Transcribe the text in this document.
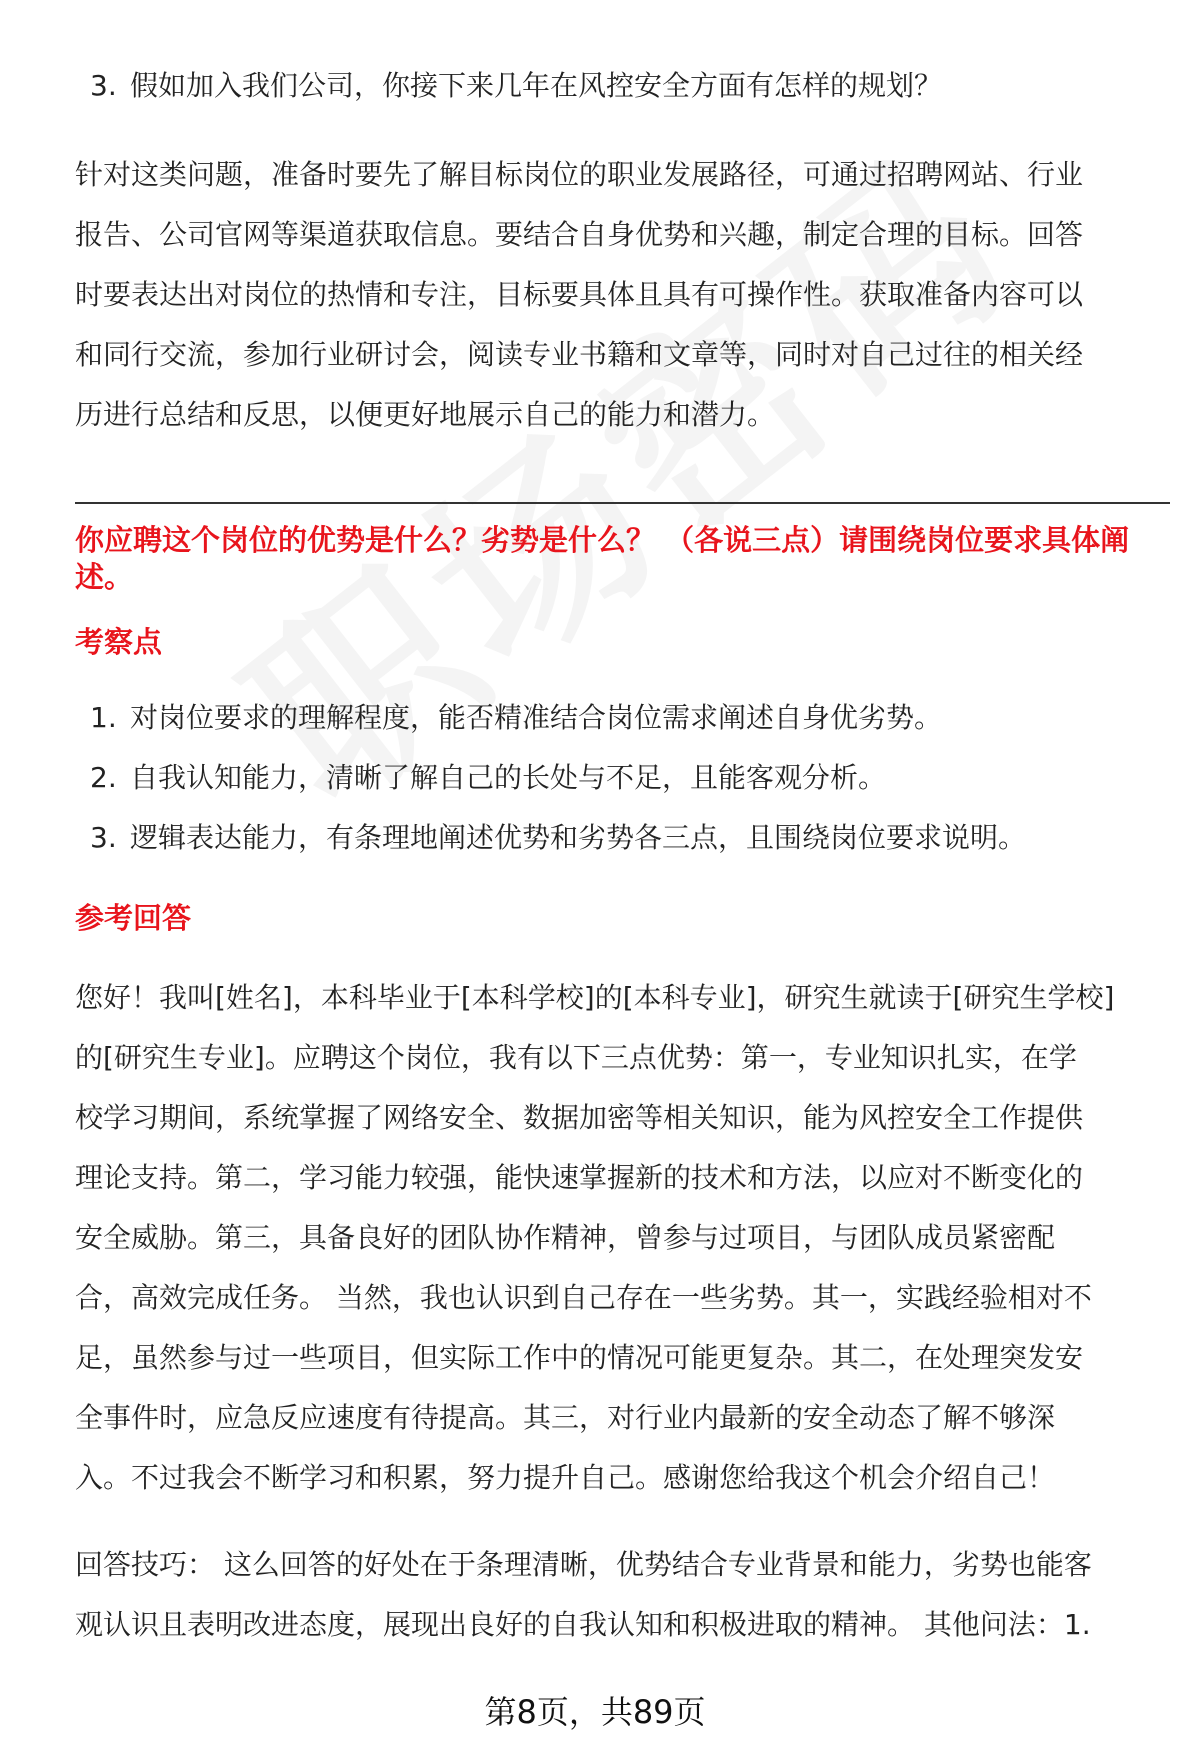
3. 假如加入我们公司，你接下来几年在风控安全方面有怎样的规划？

针对这类问题，准备时要先了解目标岗位的职业发展路径，可通过招聘网站、行业

报告、公司官网等渠道获取信息。要结合自身优势和兴趣，制定合理的目标。回答

时要表达出对岗位的热情和专注，目标要具体且具有可操作性。获取准备内容可以

和同行交流，参加行业研讨会，阅读专业书籍和文章等，同时对自己过往的相关经

历进行总结和反思，以便更好地展示自己的能力和潜力。

你应聘这个岗位的优势是什么？劣势是什么？ （各说三点）请围绕岗位要求具体阐述。

考察点

1. 对岗位要求的理解程度，能否精准结合岗位需求阐述自身优劣势。
2. 自我认知能力，清晰了解自己的长处与不足，且能客观分析。
3. 逻辑表达能力，有条理地阐述优势和劣势各三点，且围绕岗位要求说明。

参考回答

您好！我叫[姓名]，本科毕业于[本科学校]的[本科专业]，研究生就读于[研究生学校]

的[研究生专业]。应聘这个岗位，我有以下三点优势：第一，专业知识扎实，在学

校学习期间，系统掌握了网络安全、数据加密等相关知识，能为风控安全工作提供

理论支持。第二，学习能力较强，能快速掌握新的技术和方法，以应对不断变化的

安全威胁。第三，具备良好的团队协作精神，曾参与过项目，与团队成员紧密配

合，高效完成任务。 当然，我也认识到自己存在一些劣势。其一，实践经验相对不

足，虽然参与过一些项目，但实际工作中的情况可能更复杂。其二，在处理突发安

全事件时，应急反应速度有待提高。其三，对行业内最新的安全动态了解不够深

入。不过我会不断学习和积累，努力提升自己。感谢您给我这个机会介绍自己！

回答技巧： 这么回答的好处在于条理清晰，优势结合专业背景和能力，劣势也能客

观认识且表明改进态度，展现出良好的自我认知和积极进取的精神。 其他问法：1.

第8页，共89页
